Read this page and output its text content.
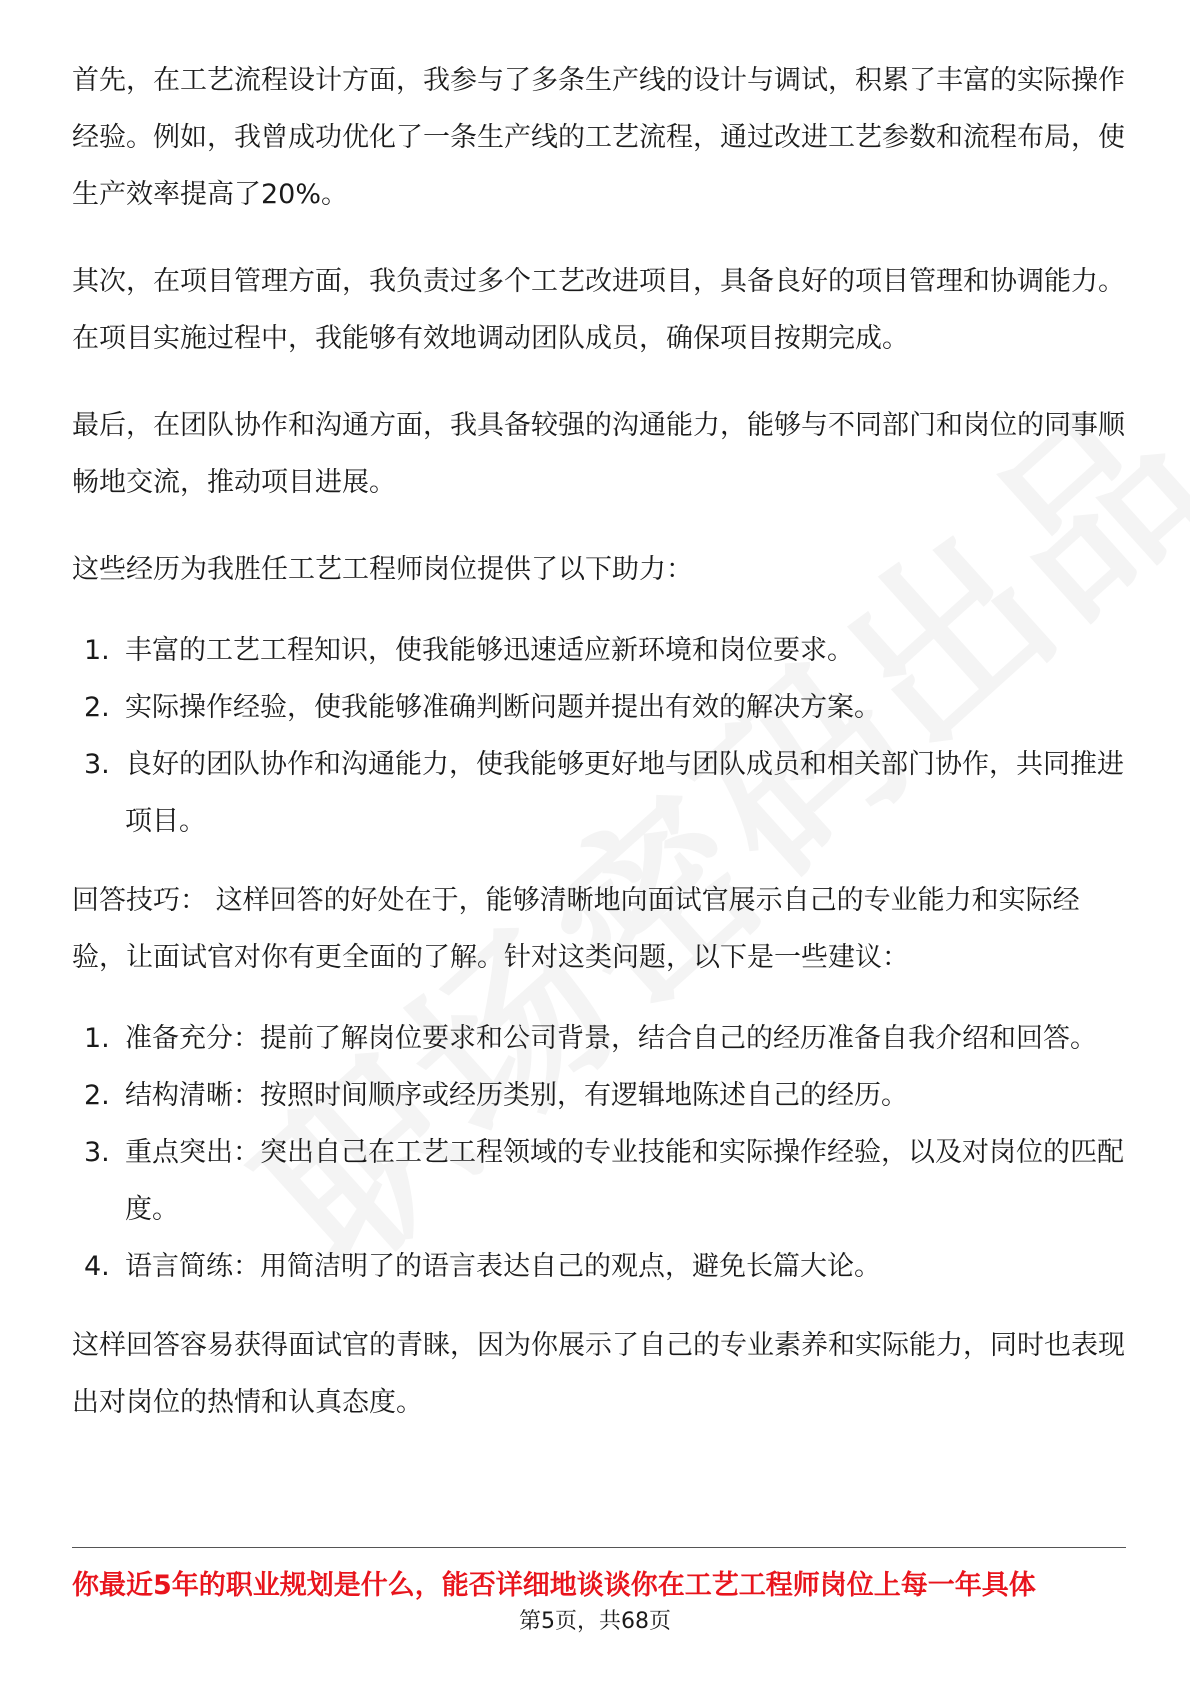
首先，在工艺流程设计方面，我参与了多条生产线的设计与调试，积累了丰富的实际操作经验。例如，我曾成功优化了一条生产线的工艺流程，通过改进工艺参数和流程布局，使生产效率提高了20%。

其次，在项目管理方面，我负责过多个工艺改进项目，具备良好的项目管理和协调能力。在项目实施过程中，我能够有效地调动团队成员，确保项目按期完成。

最后，在团队协作和沟通方面，我具备较强的沟通能力，能够与不同部门和岗位的同事顺畅地交流，推动项目进展。

这些经历为我胜任工艺工程师岗位提供了以下助力：

1. 丰富的工艺工程知识，使我能够迅速适应新环境和岗位要求。
2. 实际操作经验，使我能够准确判断问题并提出有效的解决方案。
3. 良好的团队协作和沟通能力，使我能够更好地与团队成员和相关部门协作，共同推进项目。

回答技巧： 这样回答的好处在于，能够清晰地向面试官展示自己的专业能力和实际经验，让面试官对你有更全面的了解。针对这类问题，以下是一些建议：

1. 准备充分：提前了解岗位要求和公司背景，结合自己的经历准备自我介绍和回答。
2. 结构清晰：按照时间顺序或经历类别，有逻辑地陈述自己的经历。
3. 重点突出：突出自己在工艺工程领域的专业技能和实际操作经验，以及对岗位的匹配度。
4. 语言简练：用简洁明了的语言表达自己的观点，避免长篇大论。

这样回答容易获得面试官的青睐，因为你展示了自己的专业素养和实际能力，同时也表现出对岗位的热情和认真态度。

你最近5年的职业规划是什么，能否详细地谈谈你在工艺工程师岗位上每一年具体
第5页，共68页
